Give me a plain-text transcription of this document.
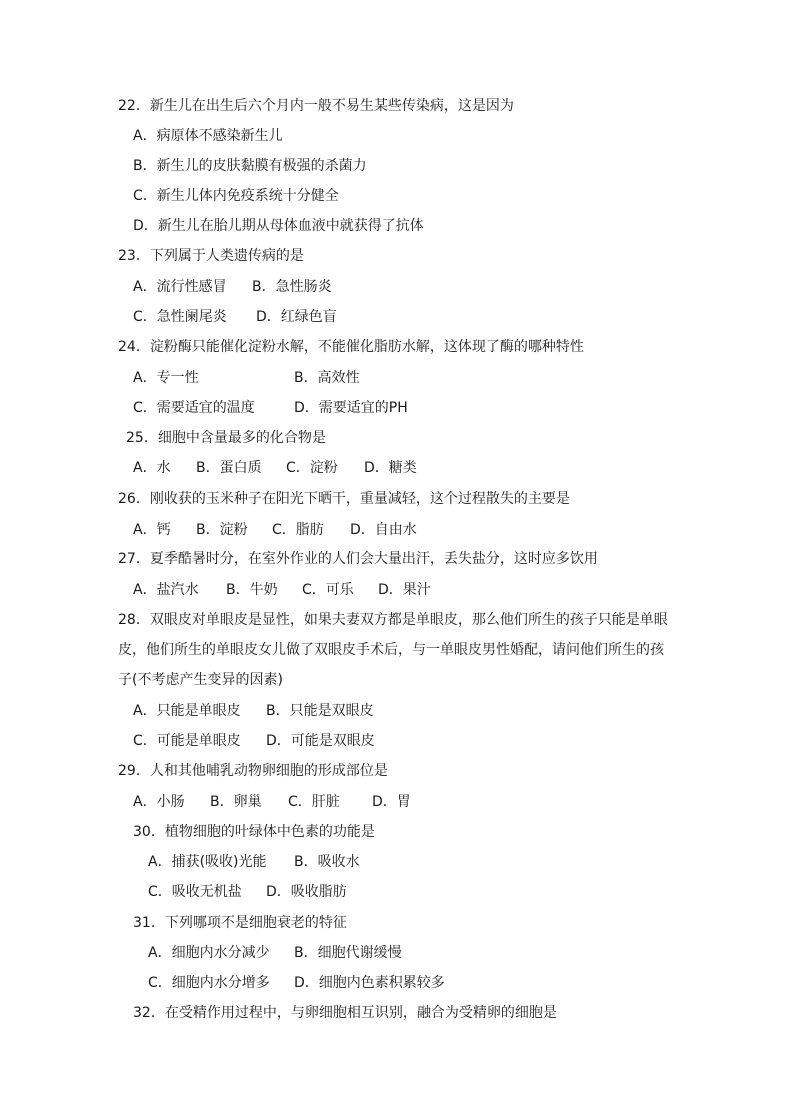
22．新生儿在出生后六个月内一般不易生某些传染病，这是因为
A．病原体不感染新生儿
B．新生儿的皮肤黏膜有极强的杀菌力
C．新生儿体内免疫系统十分健全
D．新生儿在胎儿期从母体血液中就获得了抗体
23．下列属于人类遗传病的是
A．流行性感冒 B．急性肠炎
C．急性阑尾炎 D．红绿色盲
24．淀粉酶只能催化淀粉水解，不能催化脂肪水解，这体现了酶的哪种特性
A．专一性	B．高效性
C．需要适宜的温度	D．需要适宜的PH
25．细胞中含量最多的化合物是
A．水 B．蛋白质 C．淀粉 D．糖类
26．刚收获的玉米种子在阳光下晒干，重量减轻，这个过程散失的主要是
A．钙 B．淀粉 C．脂肪 D．自由水
27．夏季酷暑时分，在室外作业的人们会大量出汗，丢失盐分，这时应多饮用
A．盐汽水 B．牛奶 C．可乐 D．果汁
28．双眼皮对单眼皮是显性，如果夫妻双方都是单眼皮，那么他们所生的孩子只能是单眼
皮，他们所生的单眼皮女儿做了双眼皮手术后，与一单眼皮男性婚配，请问他们所生的孩
子(不考虑产生变异的因素)
A．只能是单眼皮 B．只能是双眼皮
C．可能是单眼皮 D．可能是双眼皮
29．人和其他哺乳动物卵细胞的形成部位是
A．小肠 B．卵巢 C．肝脏 D．胃
30．植物细胞的叶绿体中色素的功能是
A．捕获(吸收)光能 B．吸收水
C．吸收无机盐 D．吸收脂肪
31．下列哪项不是细胞衰老的特征
A．细胞内水分减少 B．细胞代谢缓慢
C．细胞内水分增多 D．细胞内色素积累较多
32．在受精作用过程中，与卵细胞相互识别，融合为受精卵的细胞是
